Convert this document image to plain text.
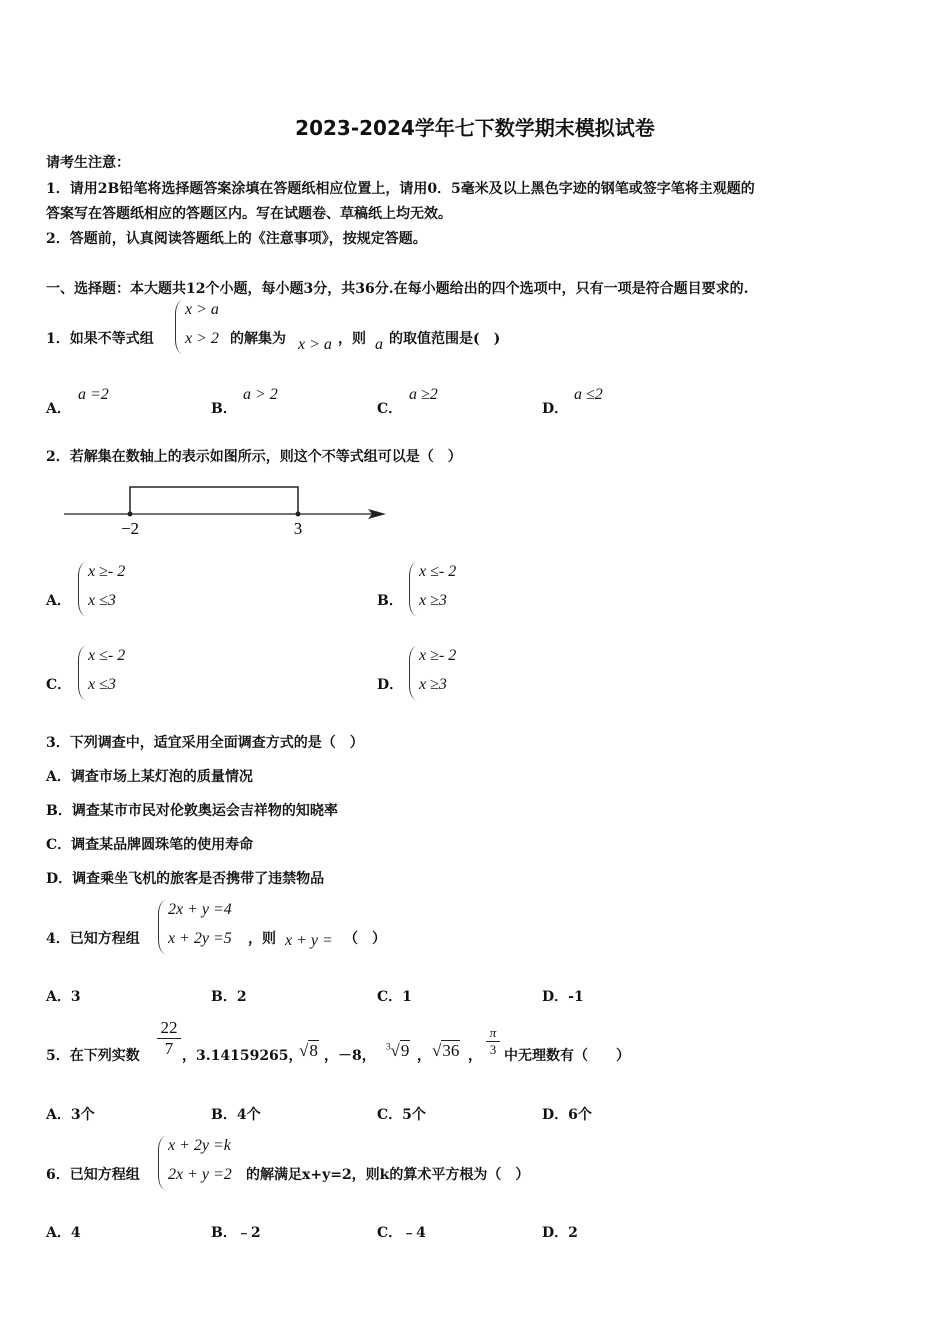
2023-2024学年七下数学期末模拟试卷
请考生注意：
1．请用2B铅笔将选择题答案涂填在答题纸相应位置上，请用0．5毫米及以上黑色字迹的钢笔或签字笔将主观题的
答案写在答题纸相应的答题区内。写在试题卷、草稿纸上均无效。
2．答题前，认真阅读答题纸上的《注意事项》，按规定答题。
一、选择题：本大题共12个小题，每小题3分，共36分.在每小题给出的四个选项中，只有一项是符合题目要求的.
1．如果不等式组
x > a
x > 2 的解集为 x > a ，则 a 的取值范围是(　)
A．
a =2
B．
a > 2
C．
a ≥2
D．
a ≤2
2．若解集在数轴上的表示如图所示，则这个不等式组可以是（　）
−2	3
A．
x ≥- 2
x ≤3	B．
x ≤- 2
x ≥3
C．
x ≤- 2
x ≤3	D．
x ≥- 2
x ≥3
3．下列调查中，适宜采用全面调查方式的是（　）
A．调查市场上某灯泡的质量情况
B．调查某市市民对伦敦奥运会吉祥物的知晓率
C．调查某品牌圆珠笔的使用寿命
D．调查乘坐飞机的旅客是否携带了违禁物品
4．已知方程组
2x + y =4
x + 2y =5 ，则 x + y = （　）
A．3	B．2	C．1	D．-1
5．在下列实数
22
7 ，3.14159265，
√8 ，－8，
$^3$√9 ， √36 ，
π
3 中无理数有（　　）
A．3个	B．4个	C．5个	D．6个
6．已知方程组
x + 2y =k
2x + y =2 的解满足x+y=2，则k的算术平方根为（　）
A．4	B．﹣2	C．﹣4	D．2
